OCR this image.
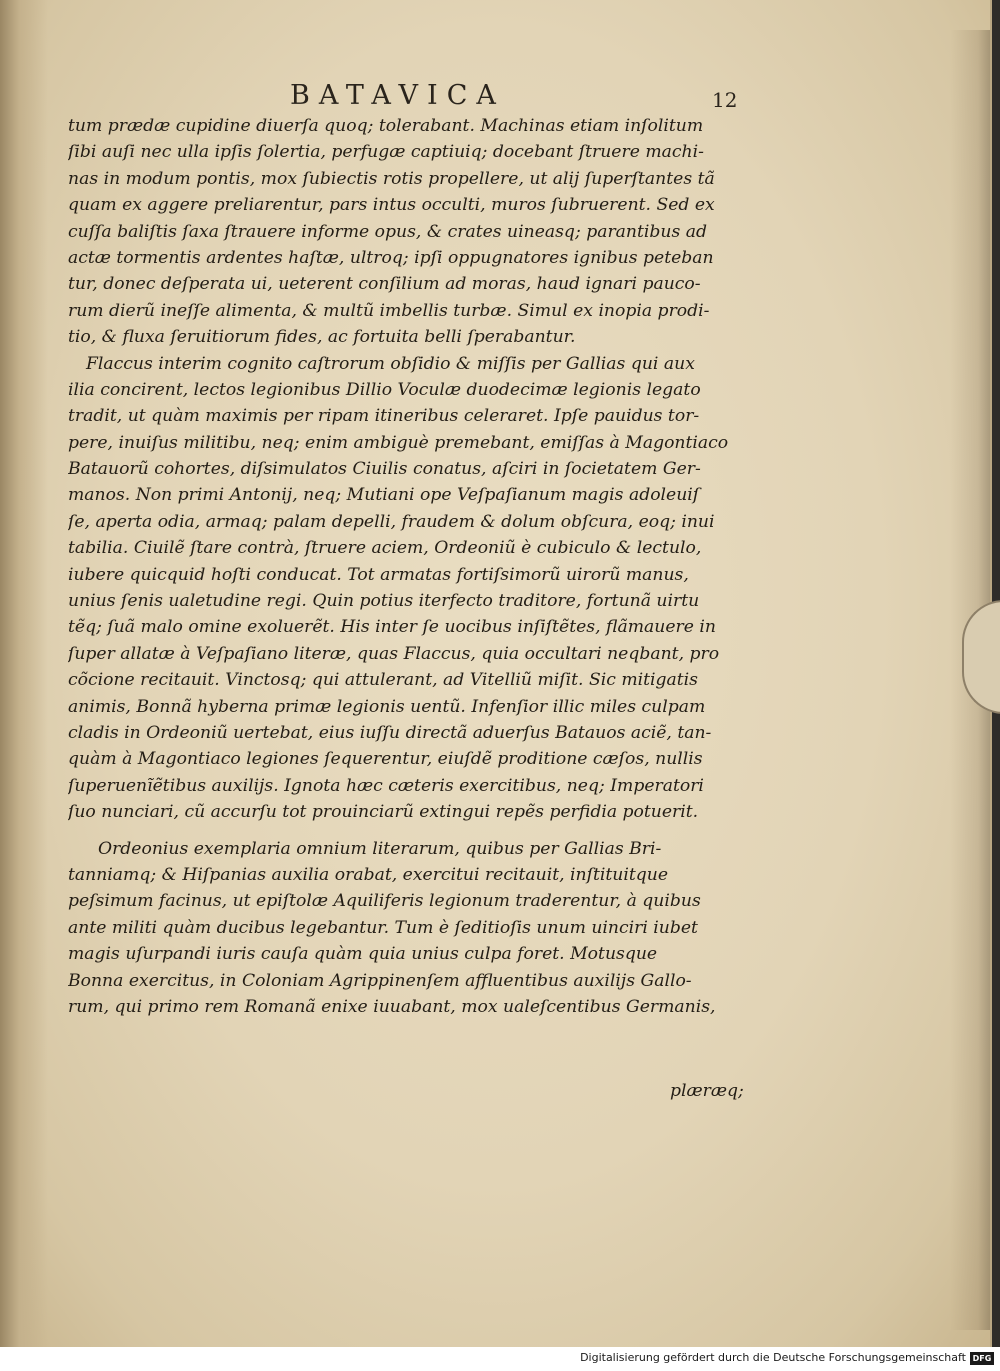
BATAVICA	12
tum prædæ cupidine diuerſa quoq; tolerabant. Machinas etiam inſolitum
ſibi auſi nec ulla ipſis ſolertia, perfugæ captiuiq; docebant ſtruere machi-
nas in modum pontis, mox ſubiectis rotis propellere, ut alij ſuperſtantes tã
quam ex aggere preliarentur, pars intus occulti, muros ſubruerent. Sed ex
cuſſa baliſtis ſaxa ſtrauere informe opus, & crates uineasq; parantibus ad
actæ tormentis ardentes haſtæ, ultroq; ipſi oppugnatores ignibus peteban
tur, donec deſperata ui, ueterent conſilium ad moras, haud ignari pauco-
rum dierũ ineſſe alimenta, & multũ imbellis turbæ. Simul ex inopia prodi-
tio, & fluxa ſeruitiorum fides, ac fortuita belli ſperabantur.
Flaccus interim cognito caſtrorum obſidio & miſſis per Gallias qui aux
ilia concirent, lectos legionibus Dillio Voculæ duodecimæ legionis legato
tradit, ut quàm maximis per ripam itineribus celeraret. Ipſe pauidus tor-
pere, inuiſus militibu, neq; enim ambiguè premebant, emiſſas à Magontiaco
Batauorũ cohortes, diſsimulatos Ciuilis conatus, aſciri in ſocietatem Ger-
manos. Non primi Antonij, neq; Mutiani ope Veſpaſianum magis adoleuiſ
ſe, aperta odia, armaq; palam depelli, fraudem & dolum obſcura, eoq; inui
tabilia. Ciuilẽ ſtare contrà, ſtruere aciem, Ordeoniũ è cubiculo & lectulo,
iubere quicquid hoſti conducat. Tot armatas fortiſsimorũ uirorũ manus,
unius ſenis ualetudine regi. Quin potius iterfecto traditore, fortunã uirtu
tẽq; ſuã malo omine exoluerẽt. His inter ſe uocibus inſiſtẽtes, flãmauere in
ſuper allatæ à Veſpaſiano literæ, quas Flaccus, quia occultari neqbant, pro
cõcione recitauit. Vinctosq; qui attulerant, ad Vitelliũ miſit. Sic mitigatis
animis, Bonnã hyberna primæ legionis uentũ. Infenſior illic miles culpam
cladis in Ordeoniũ uertebat, eius iuſſu directã aduerſus Batauos aciẽ, tan-
quàm à Magontiaco legiones ſequerentur, eiuſdẽ proditione cæſos, nullis
ſuperuenĩẽtibus auxilijs. Ignota hæc cæteris exercitibus, neq; Imperatori
ſuo nunciari, cũ accurſu tot prouinciarũ extingui repẽs perfidia potuerit.
Ordeonius exemplaria omnium literarum, quibus per Gallias Bri-
tanniamq; & Hiſpanias auxilia orabat, exercitui recitauit, inſtituitque
peſsimum facinus, ut epiſtolæ Aquiliferis legionum traderentur, à quibus
ante militi quàm ducibus legebantur. Tum è ſeditioſis unum uinciri iubet
magis uſurpandi iuris cauſa quàm quia unius culpa foret. Motusque
Bonna exercitus, in Coloniam Agrippinenſem affluentibus auxilijs Gallo-
rum, qui primo rem Romanã enixe iuuabant, mox ualeſcentibus Germanis,
plæræq;
Digitalisierung gefördert durch die Deutsche Forschungsgemeinschaft DFG
